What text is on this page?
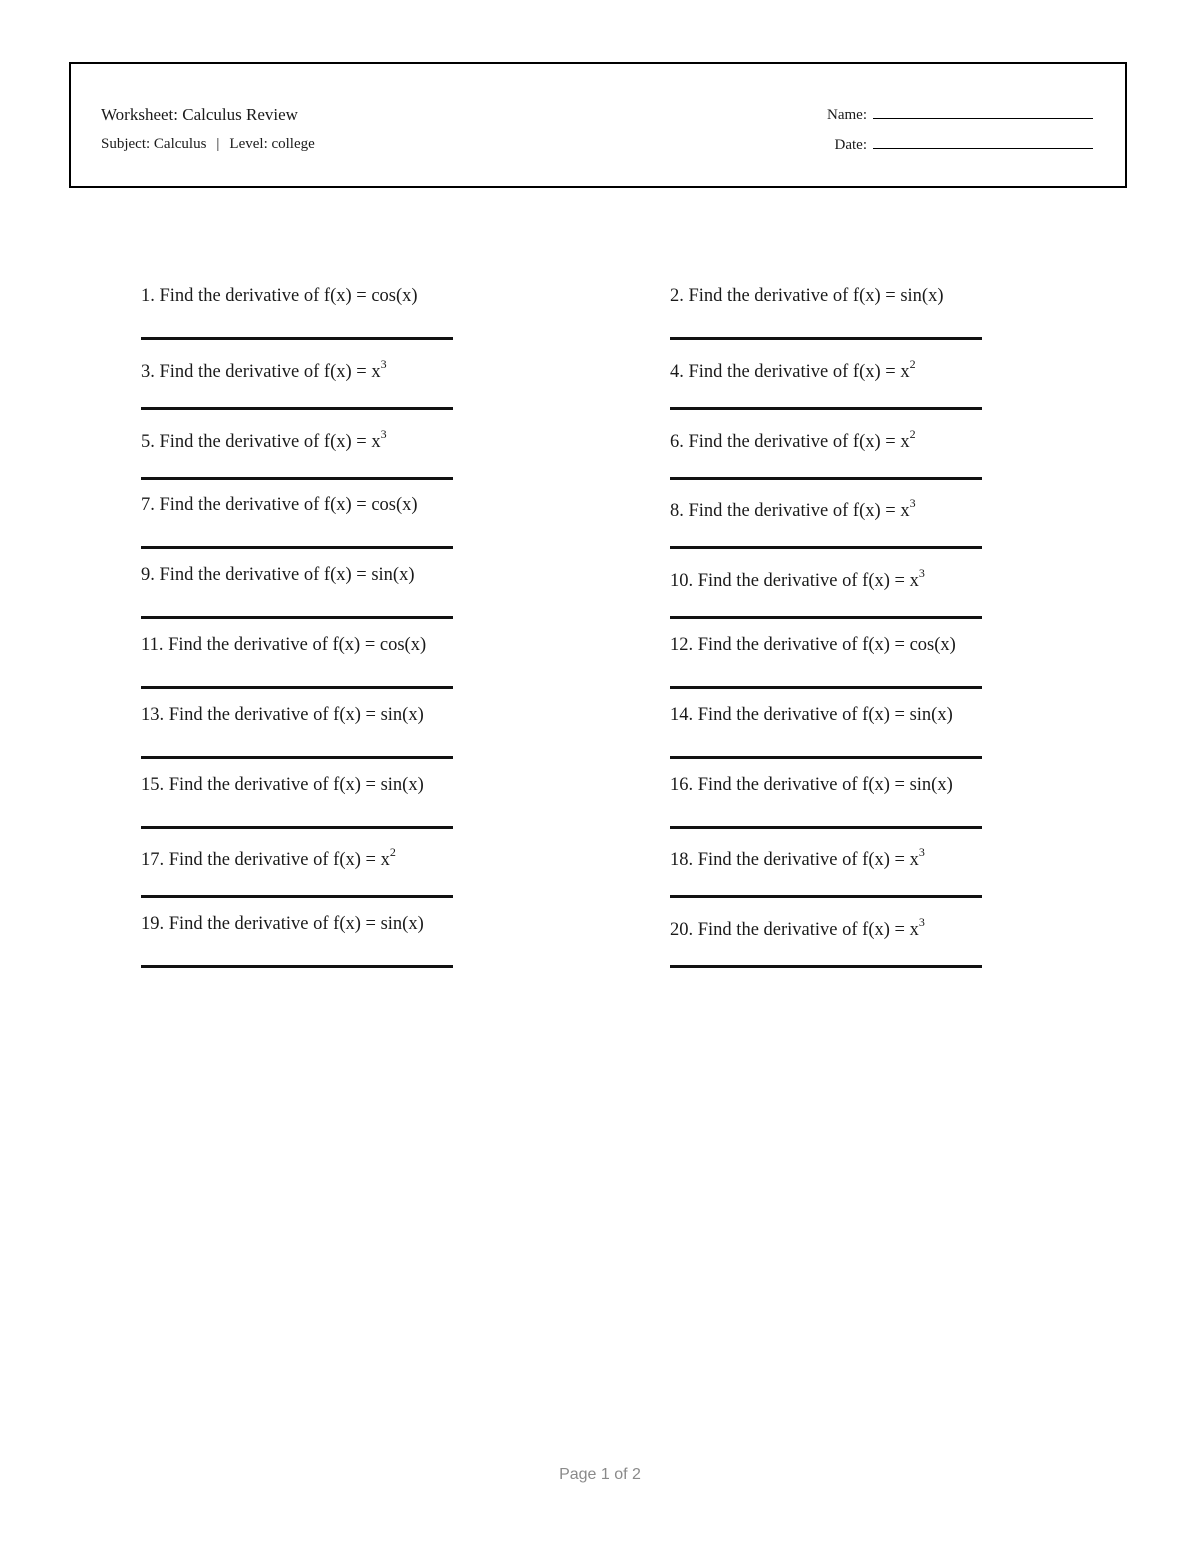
Worksheet: Calculus Review
Subject: Calculus | Level: college
Name:
Date:
1. Find the derivative of f(x) = cos(x)	2. Find the derivative of f(x) = sin(x)
3. Find the derivative of $f(x) = x^3$	4. Find the derivative of $f(x) = x^2$
5. Find the derivative of $f(x) = x^3$	6. Find the derivative of $f(x) = x^2$
7. Find the derivative of f(x) = cos(x)	8. Find the derivative of $f(x) = x^3$
9. Find the derivative of f(x) = sin(x)	10. Find the derivative of $f(x) = x^3$
11. Find the derivative of f(x) = cos(x)	12. Find the derivative of f(x) = cos(x)
13. Find the derivative of f(x) = sin(x)	14. Find the derivative of f(x) = sin(x)
15. Find the derivative of f(x) = sin(x)	16. Find the derivative of f(x) = sin(x)
17. Find the derivative of $f(x) = x^2$	18. Find the derivative of $f(x) = x^3$
19. Find the derivative of f(x) = sin(x)	20. Find the derivative of $f(x) = x^3$
Page 1 of 2
